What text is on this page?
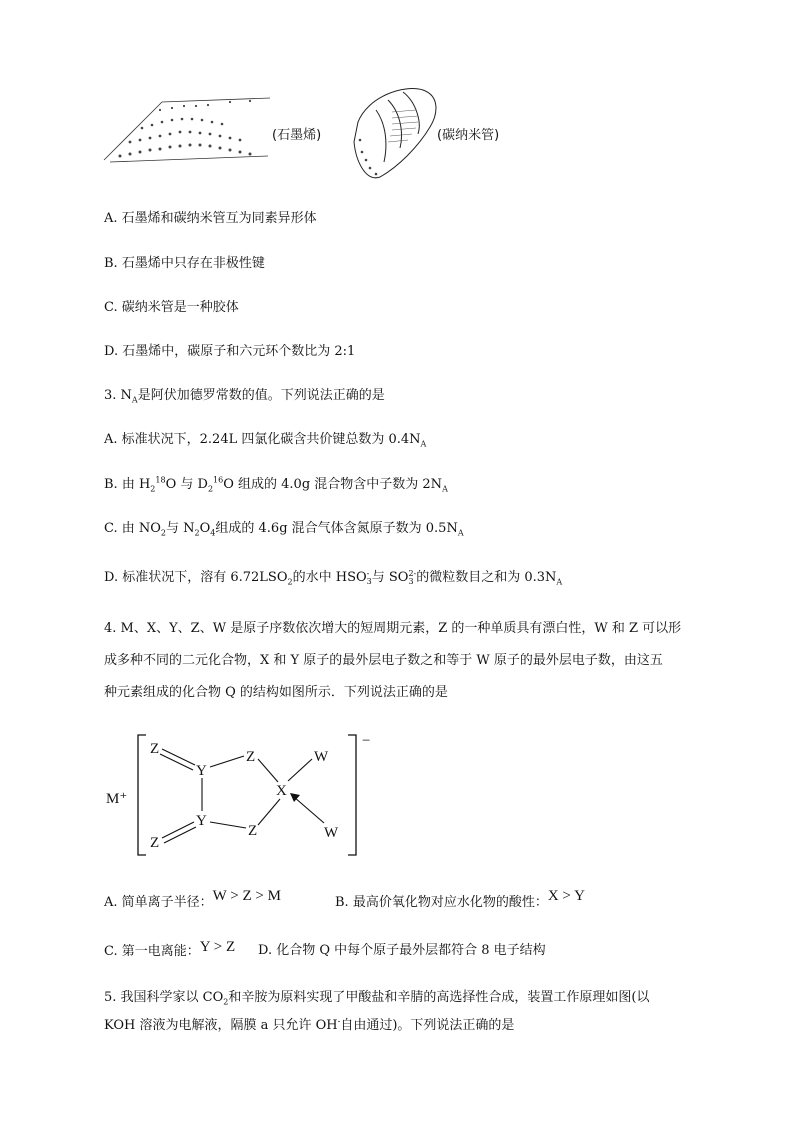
(石墨烯)	(碳纳米管)
A. 石墨烯和碳纳米管互为同素异形体
B. 石墨烯中只存在非极性键
C. 碳纳米管是一种胶体
D. 石墨烯中，碳原子和六元环个数比为 2:1
3. $N_A$是阿伏加德罗常数的值。下列说法正确的是
A. 标准状况下，2.24L 四氯化碳含共价键总数为 $0.4N_A$
B. 由 $H_2^{18}O$ 与 $D_2^{16}O$ 组成的 4.0g 混合物含中子数为 $2N_A$
C. 由 $NO_2$与 $N_2O_4$组成的 4.6g 混合气体含氮原子数为 $0.5N_A$
D. 标准状况下，溶有 $6.72LSO_2$的水中 HSO -
3 与 SO 2-
3 的微粒数目之和为 $0.3N_A$
4. M、X、Y、Z、W 是原子序数依次增大的短周期元素，Z 的一种单质具有漂白性，W 和 Z 可以形
成多种不同的二元化合物，X 和 Y 原子的最外层电子数之和等于 W 原子的最外层电子数，由这五
种元素组成的化合物 Q 的结构如图所示．下列说法正确的是
M⁺
−
Z
Y
Z	W
X
Y
Z	W
Z
A. 简单离子半径：W > Z > M	B. 最高价氧化物对应水化物的酸性：X > Y
C. 第一电离能：Y > Z D. 化合物 Q 中每个原子最外层都符合 8 电子结构
5. 我国科学家以 $CO_2$和辛胺为原料实现了甲酸盐和辛腈的高选择性合成，装置工作原理如图(以
KOH 溶液为电解液，隔膜 a 只允许 OH-自由通过)。下列说法正确的是
